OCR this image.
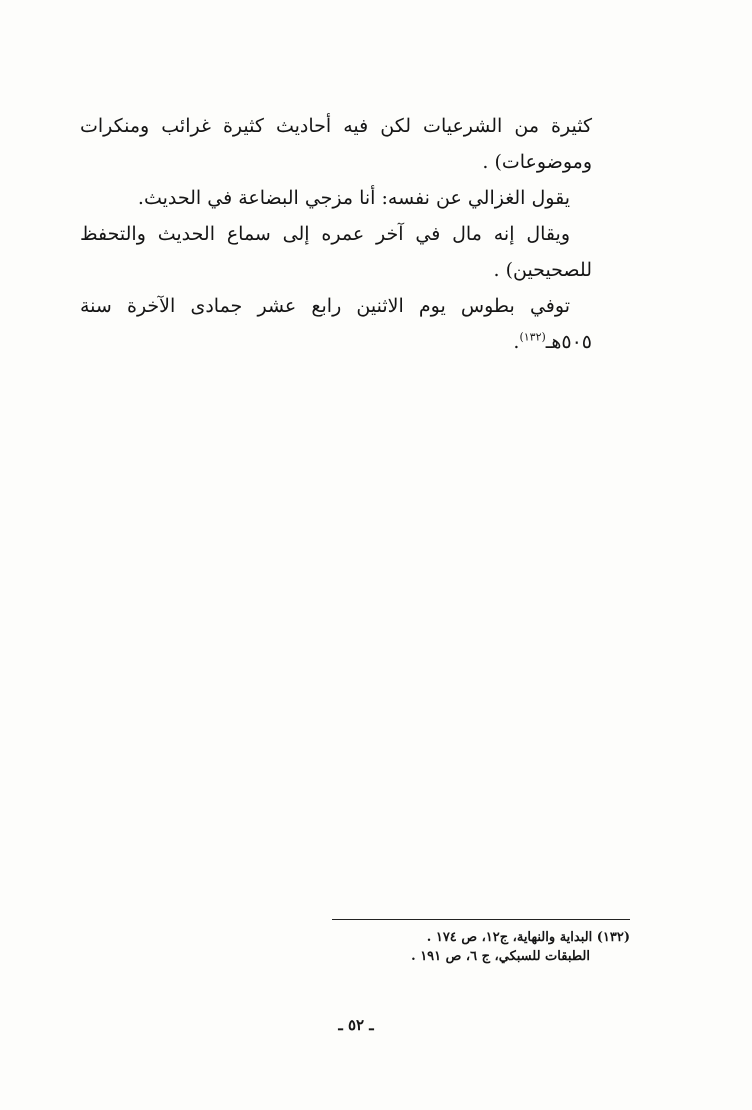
كثيرة من الشرعيات لكن فيه أحاديث كثيرة غرائب ومنكرات وموضوعات) .

يقول الغزالي عن نفسه: أنا مزجي البضاعة في الحديث.

ويقال إنه مال في آخر عمره إلى سماع الحديث والتحفظ للصحيحين) .

توفي بطوس يوم الاثنين رابع عشر جمادى الآخرة سنة ٥٠٥هـ$^{(١٣٢)}$.

(١٣٢) البداية والنهاية، ج١٢، ص ١٧٤ .

الطبقات للسبكي، ج ٦، ص ١٩١ .

ـ ٥٢ ـ
